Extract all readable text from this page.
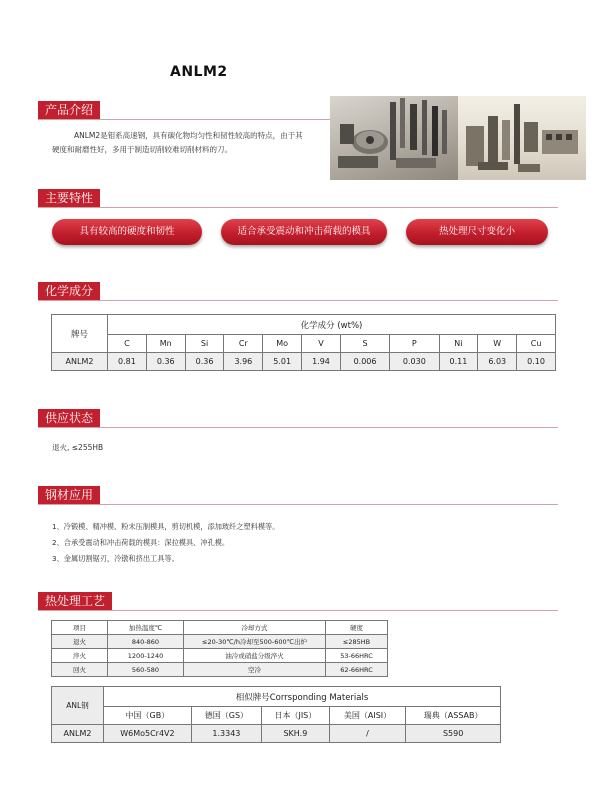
ANLM2
产品介绍
ANLM2是钼系高速钢，具有碳化物均匀性和韧性较高的特点，由于其
硬度和耐磨性好，多用于制造切削较难切削材料的刀。
主要特性
具有较高的硬度和韧性	适合承受震动和冲击荷载的模具	热处理尺寸变化小
化学成分
牌号	化学成分 (wt%)										
	C	Mn	Si	Cr	Mo	V	S	P	Ni	W	Cu
ANLM2	0.81	0.36	0.36	3.96	5.01	1.94	0.006	0.030	0.11	6.03	0.10
供应状态
退火, ≤255HB
钢材应用
1、冷锻模、精冲模、粉末压制模具，剪切机模，添加玻纤之塑料模等。
2、合承受震动和冲击荷载的模具：深拉模具、冲孔模。
3、金属切割锯刃，冷镦和挤出工具等。
热处理工艺
项目	加热温度℃	冷却方式	硬度
退火	840-860	≤20-30℃/h冷却至500-600℃出炉	≤285HB
淬火	1200-1240	油冷或硝盐分级淬火	53-66HRC
回火	560-580	空冷	62-66HRC
ANL钢	相似牌号Corrsponding Materials				
	中国（GB）	德国（GS）	日本（JIS）	美国（AISI）	瑞典（ASSAB）
ANLM2	W6Mo5Cr4V2	1.3343	SKH.9	/	S590
